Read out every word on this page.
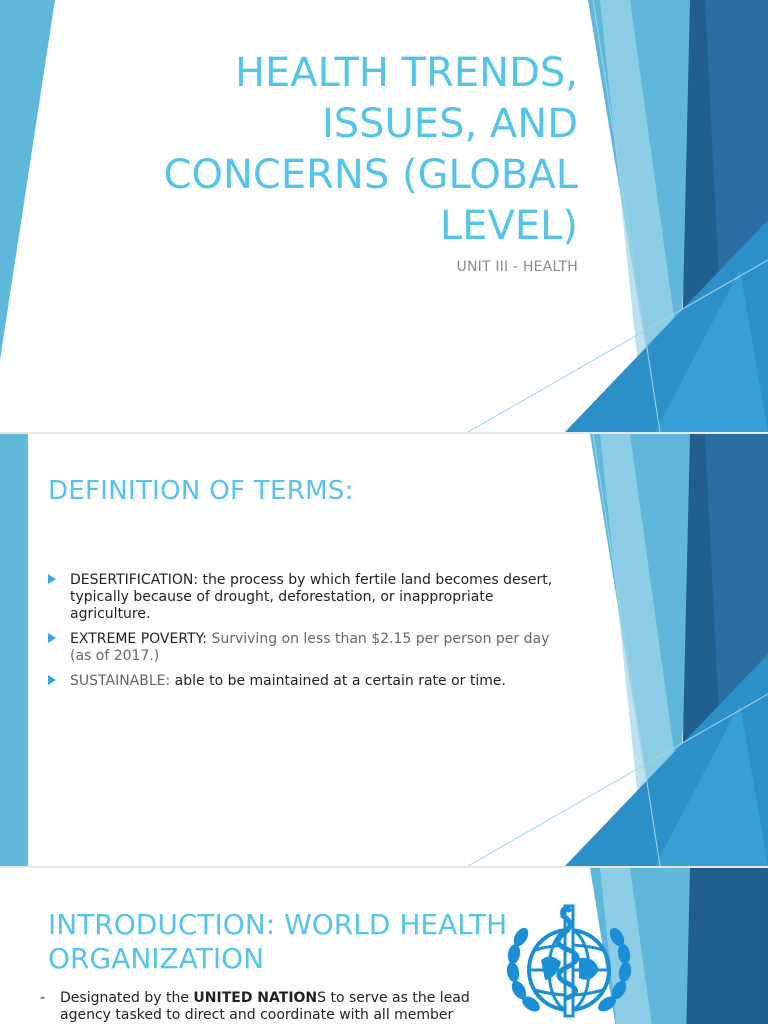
HEALTH TRENDS, ISSUES, AND CONCERNS (GLOBAL LEVEL)
UNIT III - HEALTH
DEFINITION OF TERMS:
DESERTIFICATION: the process by which fertile land becomes desert, typically because of drought, deforestation, or inappropriate agriculture.
EXTREME POVERTY: Surviving on less than $2.15 per person per day (as of 2017.)
SUSTAINABLE: able to be maintained at a certain rate or time.
INTRODUCTION: WORLD HEALTH ORGANIZATION
- Designated by the UNITED NATIONS to serve as the lead agency tasked to direct and coordinate with all member
